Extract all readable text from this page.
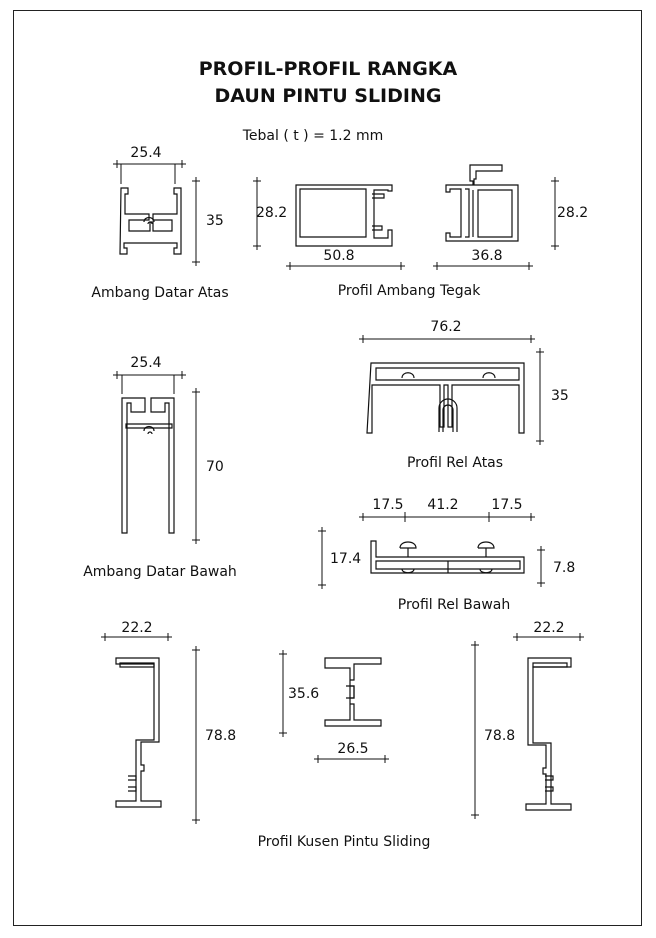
PROFIL-PROFIL RANGKA
DAUN PINTU SLIDING
Tebal ( t ) = 1.2 mm
25.4
35
Ambang Datar Atas
28.2
50.8
28.2
36.8
Profil Ambang Tegak
25.4
70
Ambang Datar Bawah
76.2
35
Profil Rel Atas
17.5 41.2 17.5
17.4
7.8
Profil Rel Bawah
22.2
78.8
35.6
26.5
78.8
22.2
Profil Kusen Pintu Sliding
